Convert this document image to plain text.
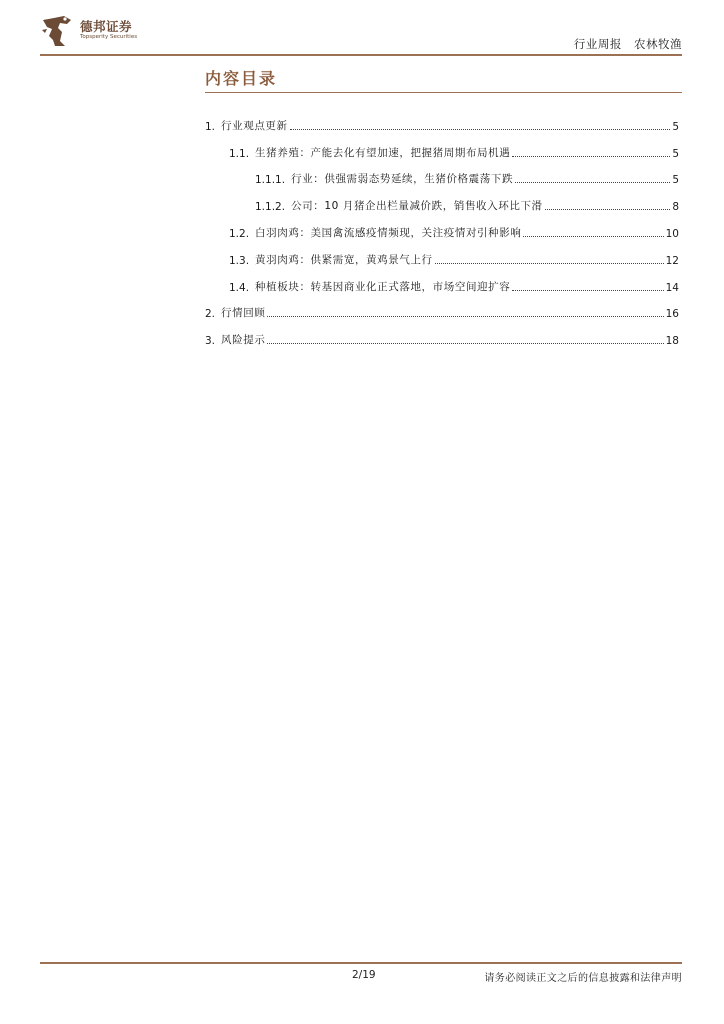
德邦证券
Topsperity Securities	行业周报 农林牧渔
内容目录
1. 行业观点更新	5
1.1. 生猪养殖：产能去化有望加速，把握猪周期布局机遇	5
1.1.1. 行业：供强需弱态势延续，生猪价格震荡下跌	5
1.1.2. 公司：10 月猪企出栏量减价跌，销售收入环比下滑	8
1.2. 白羽肉鸡：美国禽流感疫情频现，关注疫情对引种影响	10
1.3. 黄羽肉鸡：供紧需宽，黄鸡景气上行	12
1.4. 种植板块：转基因商业化正式落地，市场空间迎扩容	14
2. 行情回顾	16
3. 风险提示	18
2/19	请务必阅读正文之后的信息披露和法律声明
